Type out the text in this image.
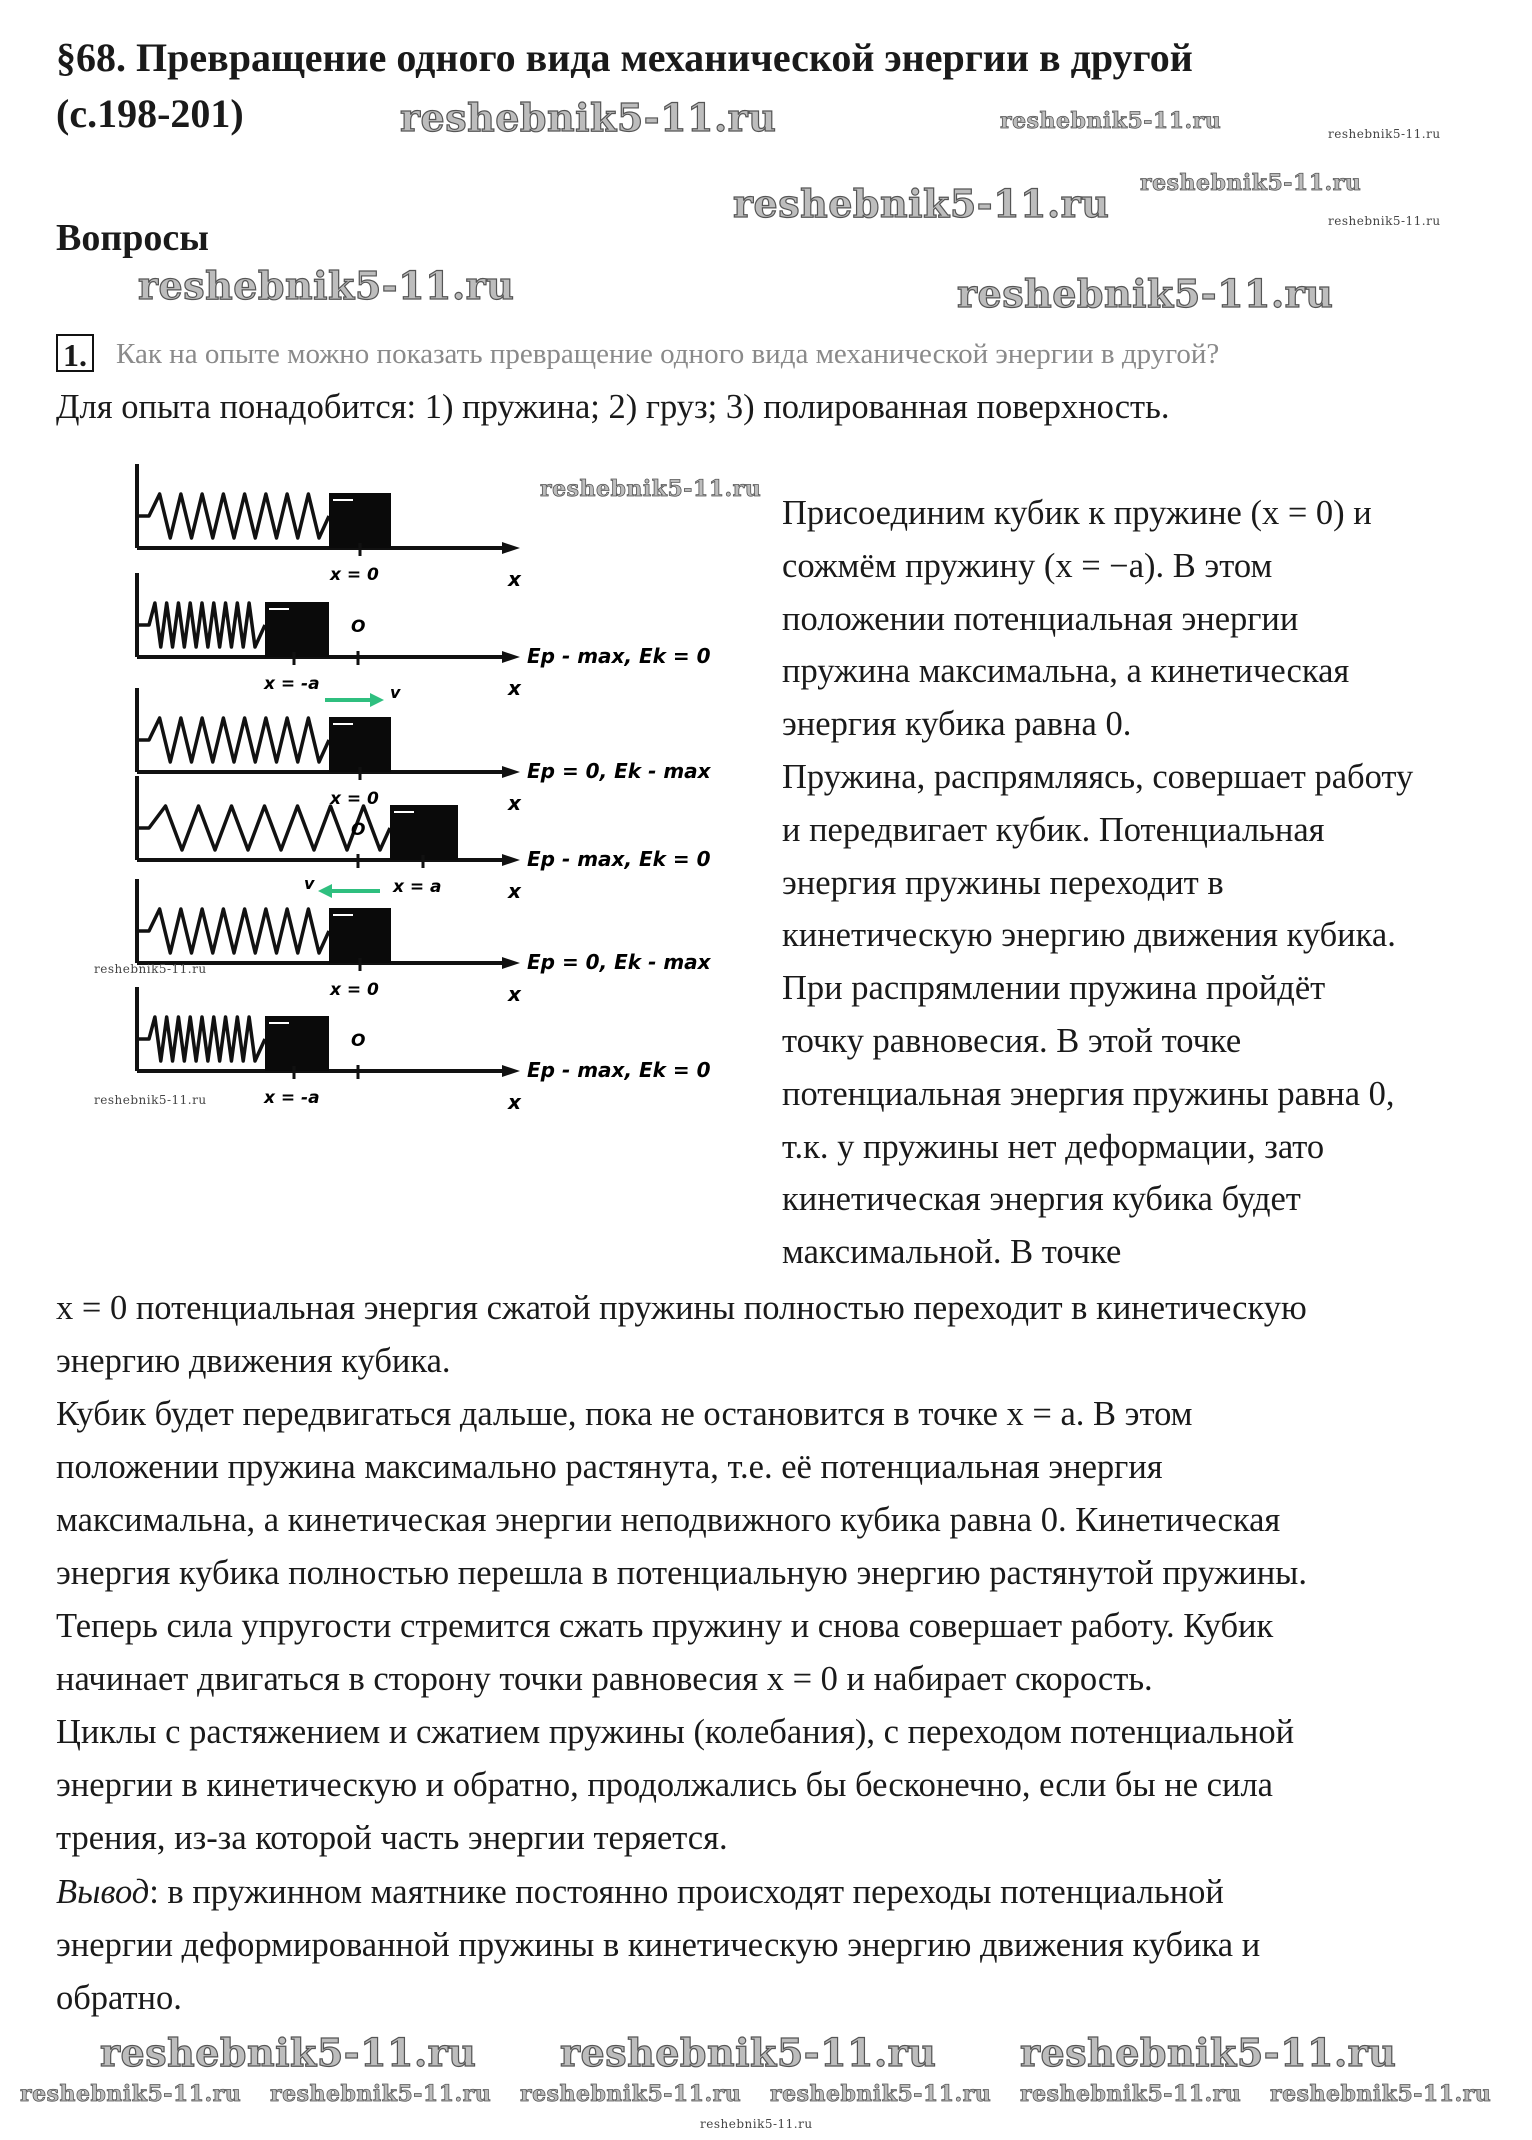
§68. Превращение одного вида механической энергии в другой
(с.198-201)
Вопросы
1. Как на опыте можно показать превращение одного вида механической энергии в другой?
Для опыта понадобится: 1) пружина; 2) груз; 3) полированная поверхность.
x
x = 0
x
x = -a
O
Ep - max, Ek = 0
x
x = 0
v
Ep = 0, Ek - max
x
x = a
O
Ep - max, Ek = 0
x
x = 0
v
Ep = 0, Ek - max
x
x = -a
O
Ep - max, Ek = 0
Присоединим кубик к пружине (x = 0) и
сожмём пружину (x = −a). В этом
положении потенциальная энергии
пружина максимальна, а кинетическая
энергия кубика равна 0.
Пружина, распрямляясь, совершает работу
и передвигает кубик. Потенциальная
энергия пружины переходит в
кинетическую энергию движения кубика.
При распрямлении пружина пройдёт
точку равновесия. В этой точке
потенциальная энергия пружины равна 0,
т.к. у пружины нет деформации, зато
кинетическая энергия кубика будет
максимальной. В точке
x = 0 потенциальная энергия сжатой пружины полностью переходит в кинетическую
энергию движения кубика.
Кубик будет передвигаться дальше, пока не остановится в точке x = a. В этом
положении пружина максимально растянута, т.е. её потенциальная энергия
максимальна, а кинетическая энергии неподвижного кубика равна 0. Кинетическая
энергия кубика полностью перешла в потенциальную энергию растянутой пружины.
Теперь сила упругости стремится сжать пружину и снова совершает работу. Кубик
начинает двигаться в сторону точки равновесия x = 0 и набирает скорость.
Циклы с растяжением и сжатием пружины (колебания), с переходом потенциальной
энергии в кинетическую и обратно, продолжались бы бесконечно, если бы не сила
трения, из-за которой часть энергии теряется.
Вывод: в пружинном маятнике постоянно происходят переходы потенциальной
энергии деформированной пружины в кинетическую энергию движения кубика и
обратно.
reshebnik5-11.ru
reshebnik5-11.ru
reshebnik5-11.ru
reshebnik5-11.ru	reshebnik5-11.ru
reshebnik5-11.ru	reshebnik5-11.ru
reshebnik5-11.ru
reshebnik5-11.ru
reshebnik5-11.ru
reshebnik5-11.ru
reshebnik5-11.ru reshebnik5-11.ru reshebnik5-11.ru
reshebnik5-11.ru reshebnik5-11.ru reshebnik5-11.ru reshebnik5-11.ru reshebnik5-11.ru reshebnik5-11.ru
reshebnik5-11.ru
